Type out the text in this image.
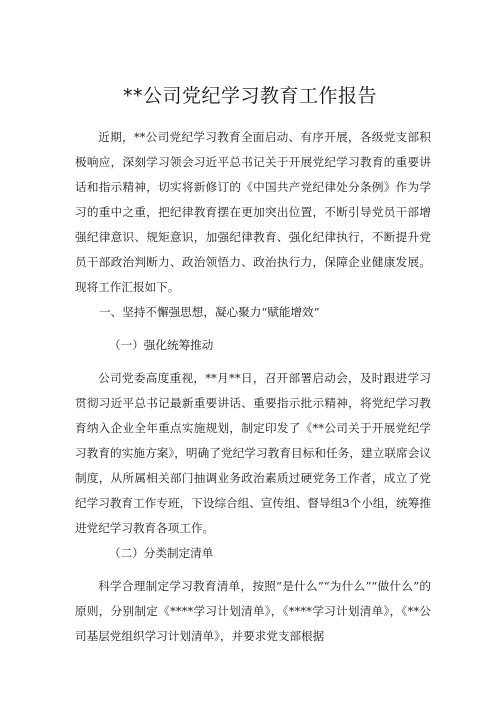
**公司党纪学习教育工作报告

近期，**公司党纪学习教育全面启动、有序开展，各级党支部积极响应，深刻学习领会习近平总书记关于开展党纪学习教育的重要讲话和指示精神，切实将新修订的《中国共产党纪律处分条例》作为学习的重中之重，把纪律教育摆在更加突出位置，不断引导党员干部增强纪律意识、规矩意识，加强纪律教育、强化纪律执行，不断提升党员干部政治判断力、政治领悟力、政治执行力，保障企业健康发展。现将工作汇报如下。

一、坚持不懈强思想，凝心聚力“赋能增效”
（一）强化统筹推动

公司党委高度重视，**月**日，召开部署启动会，及时跟进学习贯彻习近平总书记最新重要讲话、重要指示批示精神，将党纪学习教育纳入企业全年重点实施规划，制定印发了《**公司关于开展党纪学习教育的实施方案》，明确了党纪学习教育目标和任务，建立联席会议制度，从所属相关部门抽调业务政治素质过硬党务工作者，成立了党纪学习教育工作专班，下设综合组、宣传组、督导组3个小组，统筹推进党纪学习教育各项工作。

（二）分类制定清单

科学合理制定学习教育清单，按照“是什么”“为什么”“做什么”的原则，分别制定《****学习计划清单》，《****学习计划清单》，《**公司基层党组织学习计划清单》，并要求党支部根据
